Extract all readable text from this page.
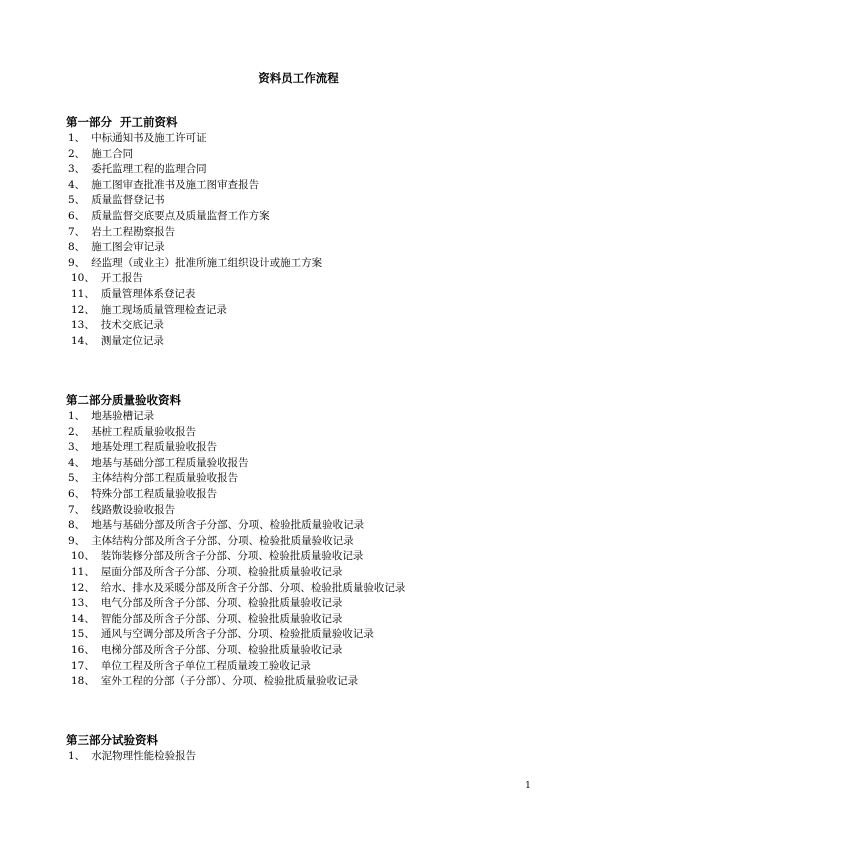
资料员工作流程
第一部分  开工前资料
1、 中标通知书及施工许可证
2、 施工合同
3、 委托监理工程的监理合同
4、 施工图审查批准书及施工图审查报告
5、 质量监督登记书
6、 质量监督交底要点及质量监督工作方案
7、 岩土工程勘察报告
8、 施工图会审记录
9、 经监理（或业主）批准所施工组织设计或施工方案
10、 开工报告
11、 质量管理体系登记表
12、 施工现场质量管理检查记录
13、 技术交底记录
14、 测量定位记录
第二部分质量验收资料
1、 地基验槽记录
2、 基桩工程质量验收报告
3、 地基处理工程质量验收报告
4、 地基与基础分部工程质量验收报告
5、 主体结构分部工程质量验收报告
6、 特殊分部工程质量验收报告
7、 线路敷设验收报告
8、 地基与基础分部及所含子分部、分项、检验批质量验收记录
9、 主体结构分部及所含子分部、分项、检验批质量验收记录
10、 装饰装修分部及所含子分部、分项、检验批质量验收记录
11、 屋面分部及所含子分部、分项、检验批质量验收记录
12、 给水、排水及采暖分部及所含子分部、分项、检验批质量验收记录
13、 电气分部及所含子分部、分项、检验批质量验收记录
14、 智能分部及所含子分部、分项、检验批质量验收记录
15、 通风与空调分部及所含子分部、分项、检验批质量验收记录
16、 电梯分部及所含子分部、分项、检验批质量验收记录
17、 单位工程及所含子单位工程质量竣工验收记录
18、 室外工程的分部（子分部）、分项、检验批质量验收记录
第三部分试验资料
1、 水泥物理性能检验报告
1
